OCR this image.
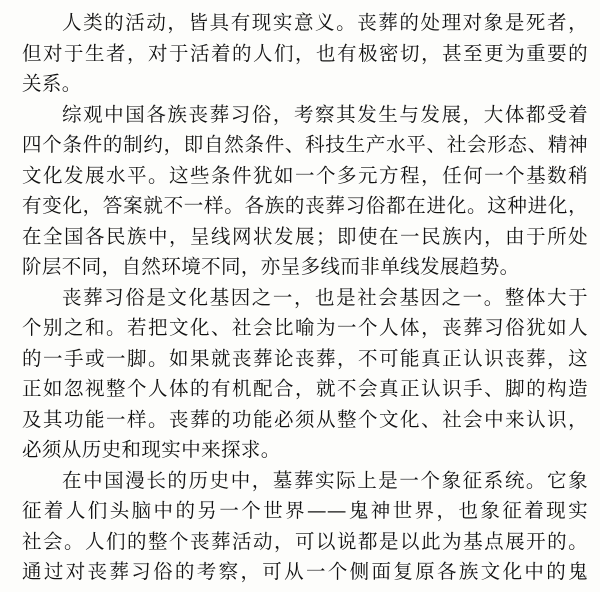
人类的活动，皆具有现实意义。丧葬的处理对象是死者，
但对于生者，对于活着的人们，也有极密切，甚至更为重要的
关系。
综观中国各族丧葬习俗，考察其发生与发展，大体都受着
四个条件的制约，即自然条件、科技生产水平、社会形态、精神
文化发展水平。这些条件犹如一个多元方程，任何一个基数稍
有变化，答案就不一样。各族的丧葬习俗都在进化。这种进化，
在全国各民族中，呈线网状发展；即使在一民族内，由于所处
阶层不同，自然环境不同，亦呈多线而非单线发展趋势。
丧葬习俗是文化基因之一，也是社会基因之一。整体大于
个别之和。若把文化、社会比喻为一个人体，丧葬习俗犹如人
的一手或一脚。如果就丧葬论丧葬，不可能真正认识丧葬，这
正如忽视整个人体的有机配合，就不会真正认识手、脚的构造
及其功能一样。丧葬的功能必须从整个文化、社会中来认识，
必须从历史和现实中来探求。
在中国漫长的历史中，墓葬实际上是一个象征系统。它象
征着人们头脑中的另一个世界——鬼神世界，也象征着现实
社会。人们的整个丧葬活动，可以说都是以此为基点展开的。
通过对丧葬习俗的考察，可从一个侧面复原各族文化中的鬼
